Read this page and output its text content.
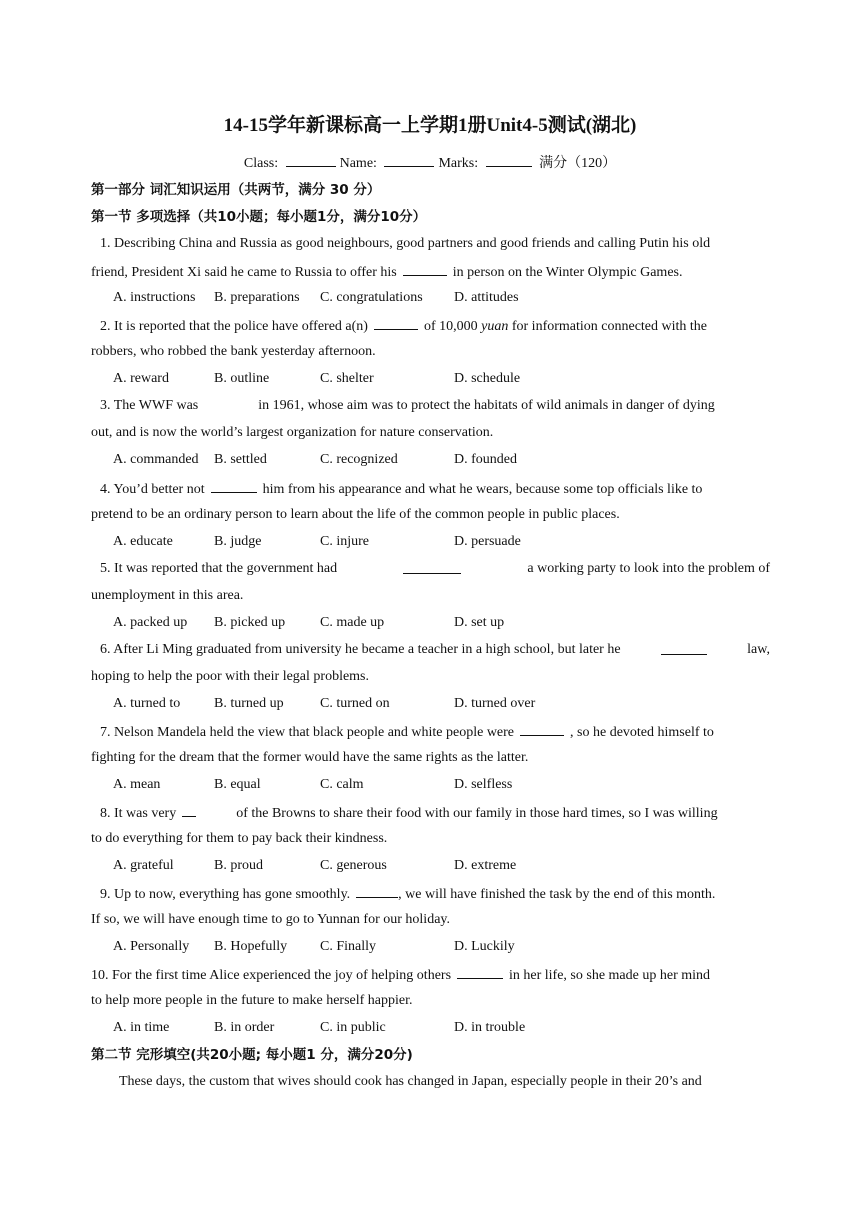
14-15学年新课标高一上学期1册Unit4-5测试(湖北)
Class:	Name:	Marks:	满分（120）
第一部分 词汇知识运用（共两节，满分 30 分）
第一节 多项选择（共10小题；每小题1分，满分10分）
1. Describing China and Russia as good neighbours, good partners and good friends and calling Putin his old
friend, President Xi said he came to Russia to offer his	in person on the Winter Olympic Games.
A. instructions B. preparations C. congratulations D. attitudes
2. It is reported that the police have offered a(n)	of 10,000 yuan for information connected with the
robbers, who robbed the bank yesterday afternoon.
A. reward	B. outline	C. shelter	D. schedule
3. The WWF was	in 1961, whose aim was to protect the habitats of wild animals in danger of dying
out, and is now the world’s largest organization for nature conservation.
A. commanded B. settled	C. recognized	D. founded
4. You’d better not	him from his appearance and what he wears, because some top officials like to
pretend to be an ordinary person to learn about the life of the common people in public places.
A. educate	B. judge	C. injure	D. persuade
5. It was reported that the government had	a working party to look into the problem of
unemployment in this area.
A. packed up B. picked up C. made up	D. set up
6. After Li Ming graduated from university he became a teacher in a high school, but later he	law,
hoping to help the poor with their legal problems.
A. turned to B. turned up	C. turned on	D. turned over
7. Nelson Mandela held the view that black people and white people were	, so he devoted himself to
fighting for the dream that the former would have the same rights as the latter.
A. mean	B. equal	C. calm	D. selfless
8. It was very	of the Browns to share their food with our family in those hard times, so I was willing
to do everything for them to pay back their kindness.
A. grateful	B. proud	C. generous	D. extreme
9. Up to now, everything has gone smoothly.	, we will have finished the task by the end of this month.
If so, we will have enough time to go to Yunnan for our holiday.
A. Personally B. Hopefully C. Finally	D. Luckily
10. For the first time Alice experienced the joy of helping others	in her life, so she made up her mind
to help more people in the future to make herself happier.
A. in time	B. in order	C. in public	D. in trouble
第二节 完形填空(共20小题; 每小题1 分，满分20分)
These days, the custom that wives should cook has changed in Japan, especially people in their 20’s and
